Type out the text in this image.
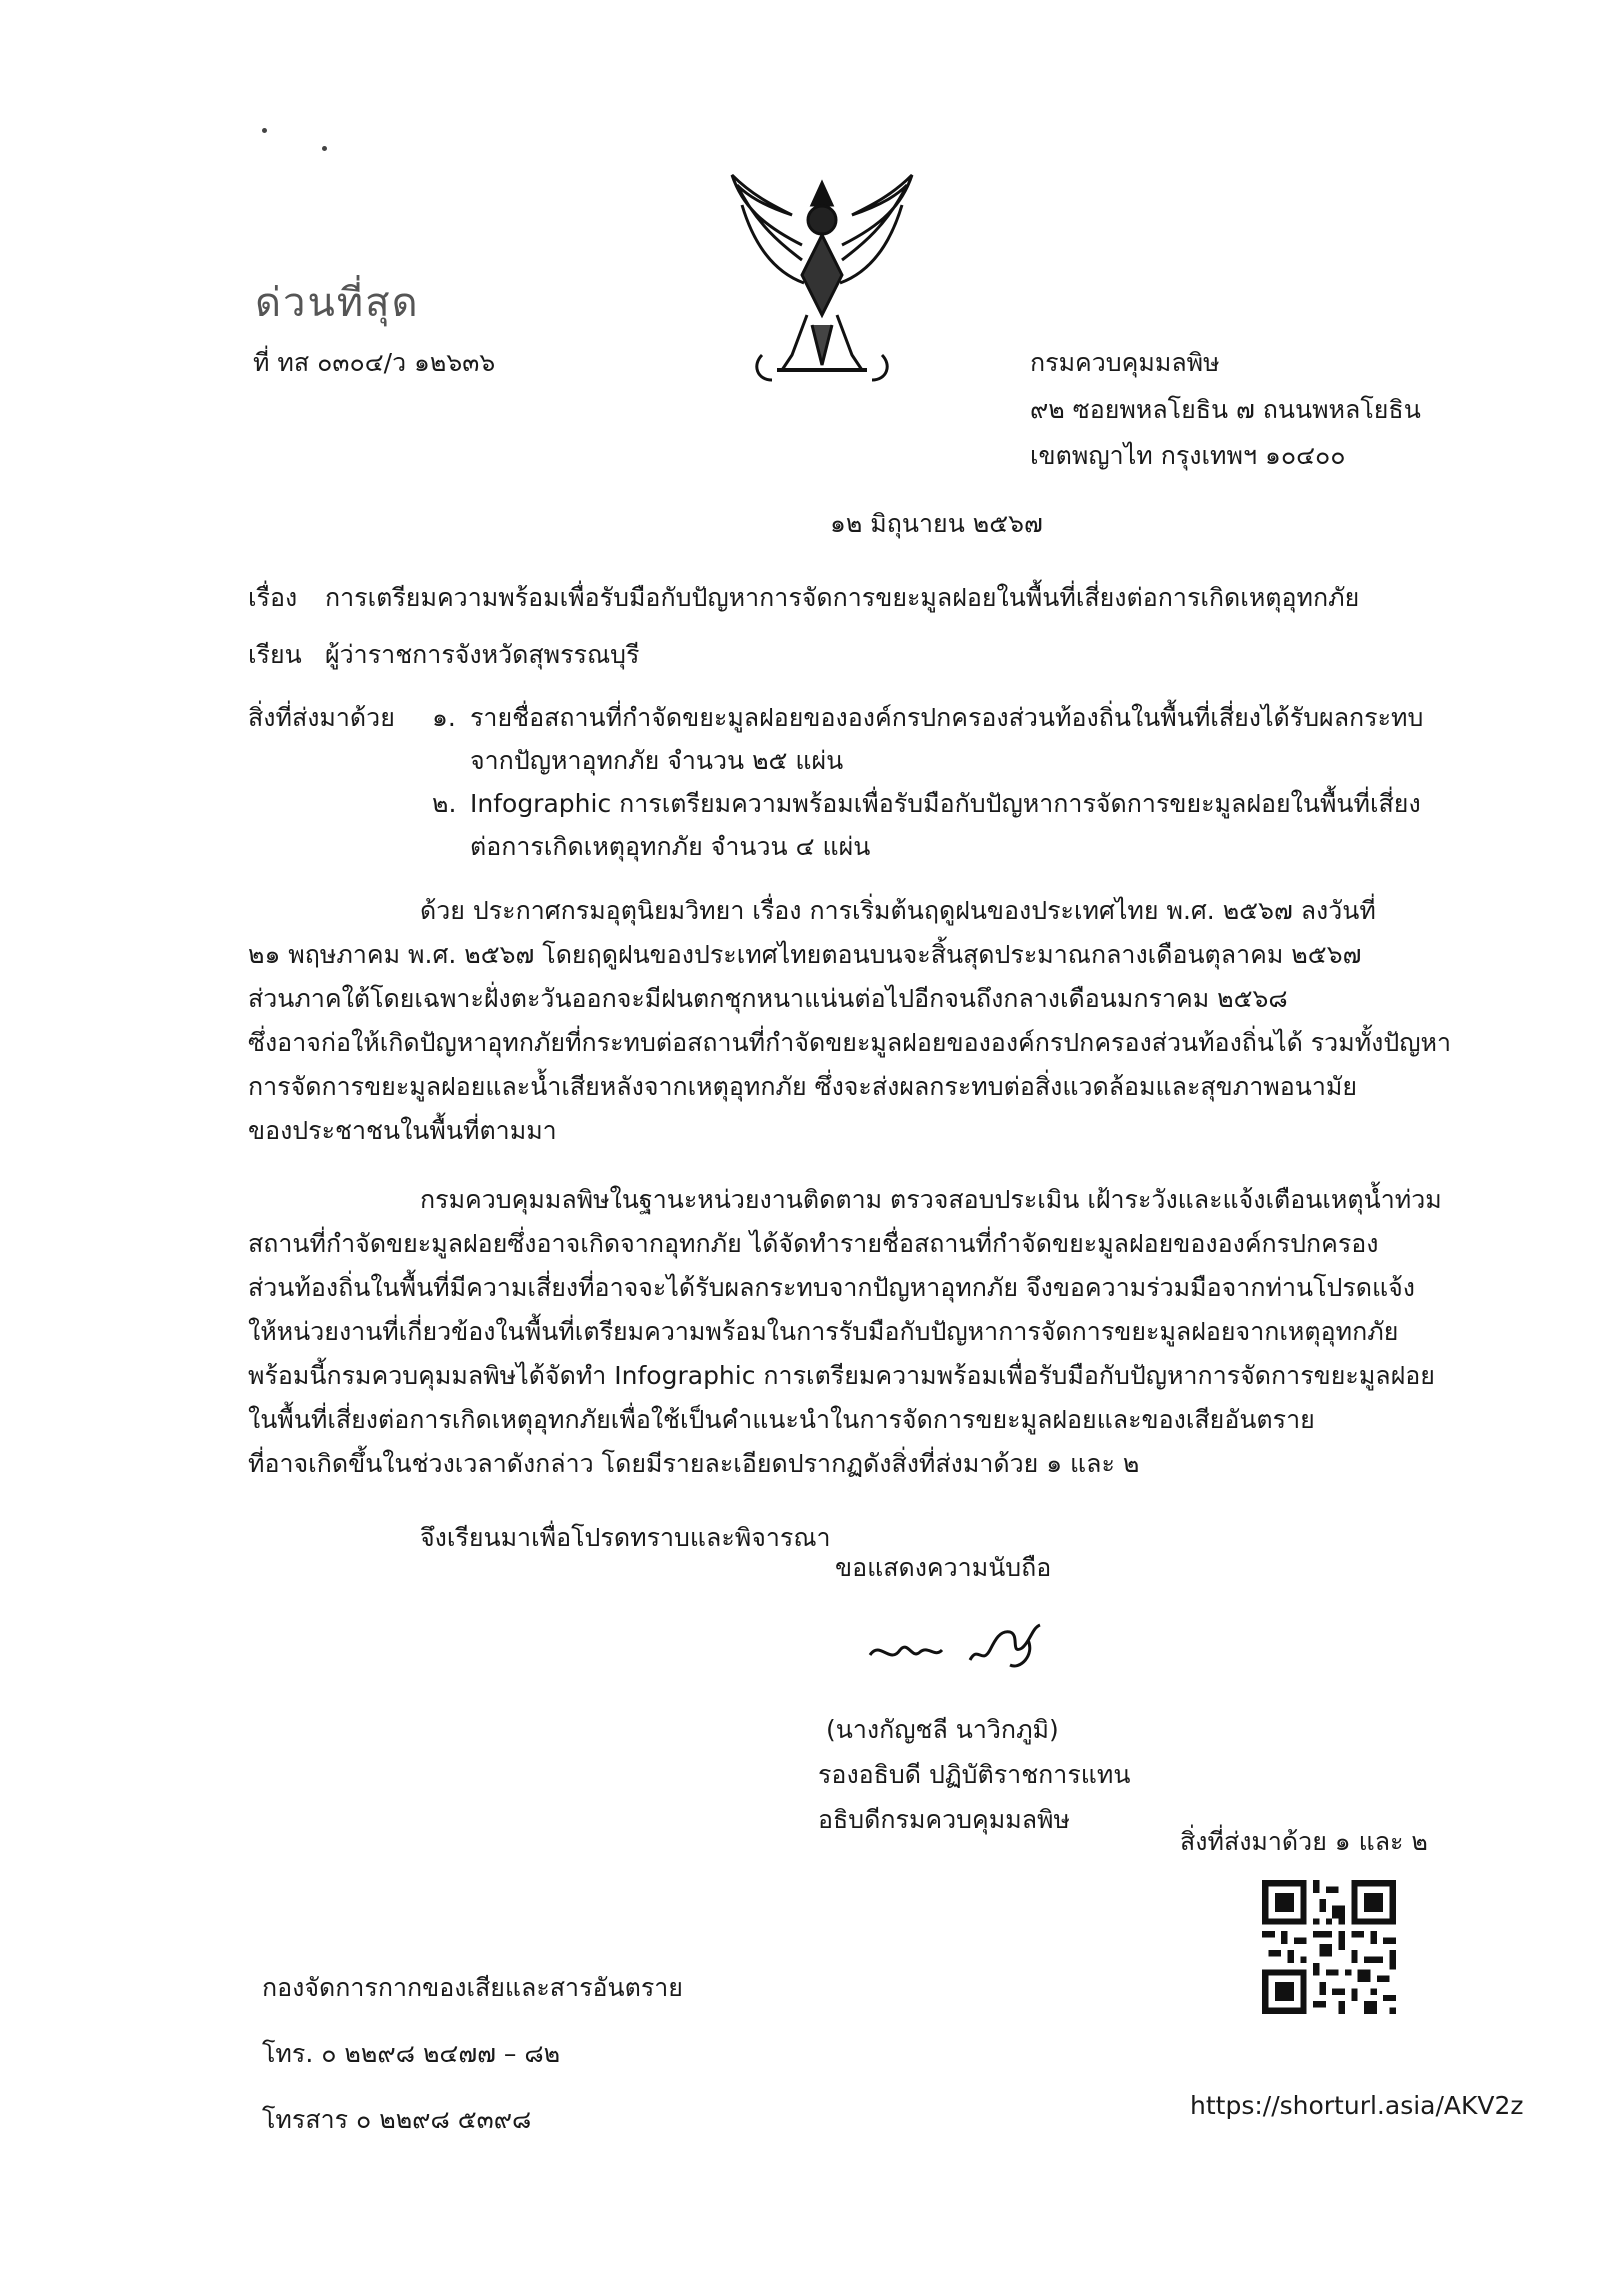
ด่วนที่สุด
ที่ ทส ๐๓๐๔/ว ๑๒๖๓๖	กรมควบคุมมลพิษ
๙๒ ซอยพหลโยธิน ๗ ถนนพหลโยธิน
เขตพญาไท กรุงเทพฯ ๑๐๔๐๐
๑๒ มิถุนายน ๒๕๖๗
เรื่อง การเตรียมความพร้อมเพื่อรับมือกับปัญหาการจัดการขยะมูลฝอยในพื้นที่เสี่ยงต่อการเกิดเหตุอุทกภัย
เรียน ผู้ว่าราชการจังหวัดสุพรรณบุรี
สิ่งที่ส่งมาด้วย ๑. รายชื่อสถานที่กำจัดขยะมูลฝอยขององค์กรปกครองส่วนท้องถิ่นในพื้นที่เสี่ยงได้รับผลกระทบ
จากปัญหาอุทกภัย จำนวน ๒๕ แผ่น
๒. Infographic การเตรียมความพร้อมเพื่อรับมือกับปัญหาการจัดการขยะมูลฝอยในพื้นที่เสี่ยง
ต่อการเกิดเหตุอุทกภัย จำนวน ๔ แผ่น
ด้วย ประกาศกรมอุตุนิยมวิทยา เรื่อง การเริ่มต้นฤดูฝนของประเทศไทย พ.ศ. ๒๕๖๗ ลงวันที่
๒๑ พฤษภาคม พ.ศ. ๒๕๖๗ โดยฤดูฝนของประเทศไทยตอนบนจะสิ้นสุดประมาณกลางเดือนตุลาคม ๒๕๖๗
ส่วนภาคใต้โดยเฉพาะฝั่งตะวันออกจะมีฝนตกชุกหนาแน่นต่อไปอีกจนถึงกลางเดือนมกราคม ๒๕๖๘
ซึ่งอาจก่อให้เกิดปัญหาอุทกภัยที่กระทบต่อสถานที่กำจัดขยะมูลฝอยขององค์กรปกครองส่วนท้องถิ่นได้ รวมทั้งปัญหา
การจัดการขยะมูลฝอยและน้ำเสียหลังจากเหตุอุทกภัย ซึ่งจะส่งผลกระทบต่อสิ่งแวดล้อมและสุขภาพอนามัย
ของประชาชนในพื้นที่ตามมา
กรมควบคุมมลพิษในฐานะหน่วยงานติดตาม ตรวจสอบประเมิน เฝ้าระวังและแจ้งเตือนเหตุน้ำท่วม
สถานที่กำจัดขยะมูลฝอยซึ่งอาจเกิดจากอุทกภัย ได้จัดทำรายชื่อสถานที่กำจัดขยะมูลฝอยขององค์กรปกครอง
ส่วนท้องถิ่นในพื้นที่มีความเสี่ยงที่อาจจะได้รับผลกระทบจากปัญหาอุทกภัย จึงขอความร่วมมือจากท่านโปรดแจ้ง
ให้หน่วยงานที่เกี่ยวข้องในพื้นที่เตรียมความพร้อมในการรับมือกับปัญหาการจัดการขยะมูลฝอยจากเหตุอุทกภัย
พร้อมนี้กรมควบคุมมลพิษได้จัดทำ Infographic การเตรียมความพร้อมเพื่อรับมือกับปัญหาการจัดการขยะมูลฝอย
ในพื้นที่เสี่ยงต่อการเกิดเหตุอุทกภัยเพื่อใช้เป็นคำแนะนำในการจัดการขยะมูลฝอยและของเสียอันตราย
ที่อาจเกิดขึ้นในช่วงเวลาดังกล่าว โดยมีรายละเอียดปรากฏดังสิ่งที่ส่งมาด้วย ๑ และ ๒
จึงเรียนมาเพื่อโปรดทราบและพิจารณา
ขอแสดงความนับถือ
(นางกัญชลี นาวิกภูมิ)
รองอธิบดี ปฏิบัติราชการแทน
อธิบดีกรมควบคุมมลพิษ
สิ่งที่ส่งมาด้วย ๑ และ ๒
https://shorturl.asia/AKV2z
กองจัดการกากของเสียและสารอันตราย
โทร. ๐ ๒๒๙๘ ๒๔๗๗ – ๘๒
โทรสาร ๐ ๒๒๙๘ ๕๓๙๘
